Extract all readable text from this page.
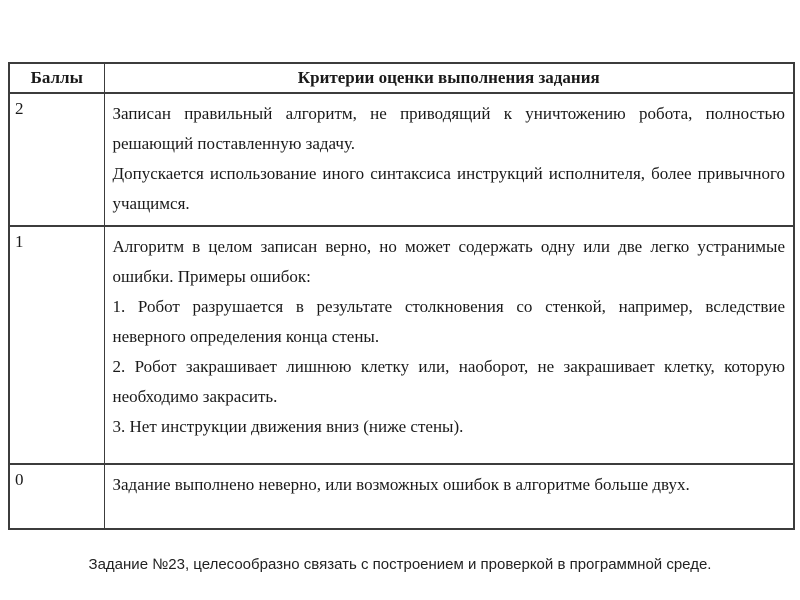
Баллы	Критерии оценки выполнения задания
2	Записан правильный алгоритм, не приводящий к уничтожению робота, полностью решающий поставленную задачу.

Допускается использование иного синтаксиса инструкций исполнителя, более привычного учащимся.

1	Алгоритм в целом записан верно, но может содержать одну или две легко устранимые ошибки. Примеры ошибок:

1. Робот разрушается в результате столкновения со стенкой, например, вследствие неверного определения конца стены.

2. Робот закрашивает лишнюю клетку или, наоборот, не закрашивает клетку, которую необходимо закрасить.

3. Нет инструкции движения вниз (ниже стены).

0	Задание выполнено неверно, или возможных ошибок в алгоритме больше двух.

Задание №23, целесообразно связать с построением и проверкой в программной среде.
